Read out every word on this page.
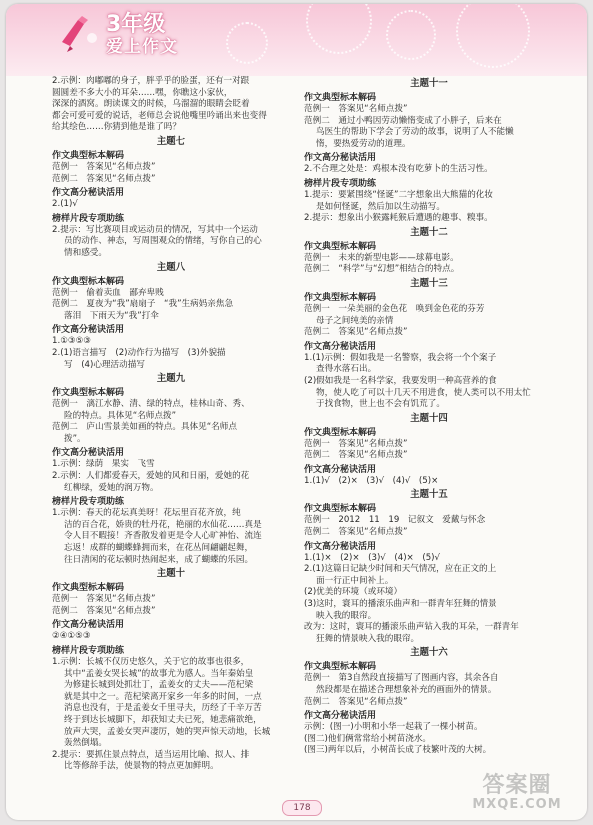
3年级
爱上作文

2.示例：肉嘟嘟的身子，胖乎乎的脸蛋，还有一对跟

圆圆差不多大小的耳朵……嘿，你瞧这小家伙，

深深的酒窝。朗读课文的时候，乌溜溜的眼睛会眨着

都会可爱可爱的说话，老师总会说他嘴里吟诵出来也变得

给其绘色……你猜到他是谁了吗？

主题七

作文典型标本解码

范例一　答案见“名师点拨”

范例二　答案见“名师点拨”

作文高分秘诀活用

2.(1)√

榜样片段专项助练

2.提示：写比赛项目或运动员的情况，写其中一个运动

员的动作、神态，写周围观众的情绪，写你自己的心

情和感受。

主题八

作文典型标本解码

范例一　偷着卖血　鄙弃卑贱

范例二　夏夜为“我”扇扇子　“我”生病妈亲焦急

落泪　下雨天为“我”打伞

作文高分秘诀活用

1.①③⑤③

2.(1)语言描写　(2)动作行为描写　(3)外貌描

写　(4)心理活动描写

主题九

作文典型标本解码

范例一　漓江水静、清、绿的特点，桂林山奇、秀、

险的特点。具体见“名师点拨”

范例二　庐山雪景美如画的特点。具体见“名师点

拨”。

作文高分秘诀活用

1.示例：绿荫　果实　飞雪

2.示例：人们都爱春天，爱她的风和日丽，爱她的花

红柳绿，爱她的润万物。

榜样片段专项助练

1.示例：春天的花坛真美呀！花坛里百花齐放，纯

洁的百合花，娇贵的牡丹花，艳丽的水仙花……真是

令人目不暇接！齐香散发着更是令人心旷神怡、流连

忘返！成群的蝴蝶蜂拥而来，在花丛间翩翩起舞，

往日清闲的花坛顿时热闹起来，成了蝴蝶的乐园。

主题十

作文典型标本解码

范例一　答案见“名师点拨”

范例二　答案见“名师点拨”

作文高分秘诀活用

②④①⑤③

榜样片段专项助练

1.示例：长城不仅历史悠久，关于它的故事也很多，

其中“孟姜女哭长城”的故事尤为感人。当年秦始皇

为修建长城到处抓壮丁，孟姜女的丈夫——范杞梁

就是其中之一。范杞梁离开家乡一年多的时间，一点

消息也没有，于是孟姜女千里寻夫，历经了千辛万苦

终于到达长城脚下，却获知丈夫已死，她悲痛欲绝，

放声大哭，孟姜女哭声凄厉，她的哭声惊天动地，长城

轰然倒塌。

2.提示：要抓住景点特点，适当运用比喻、拟人、排

比等修辞手法，使景物的特点更加鲜明。

主题十一

作文典型标本解码

范例一　答案见“名师点拨”

范例二　通过小鸭因劳动懒惰变成了小胖子，后来在

鸟医生的帮助下学会了劳动的故事，说明了人不能懒

惰，要热爱劳动的道理。

作文高分秘诀活用

2.不合理之处是：鸡根本没有吃萝卜的生活习性。

榜样片段专项助练

1.提示：要紧围绕“怪诞”二字想象出大熊猫的化妆

是如何怪诞，然后加以生动描写。

2.提示：想象出小猴露耗猴后遭遇的趣事、糗事。

主题十二

作文典型标本解码

范例一　未来的新型电影——球幕电影。

范例二　“科学”与“幻想”相结合的特点。

主题十三

作文典型标本解码

范例一　一朵美丽的金色花　唤到金色花的芬芳

母子之间纯美的亲情

范例二　答案见“名师点拨”

作文高分秘诀活用

1.(1)示例：假如我是一名警察，我会将一个个案子

查得水落石出。

(2)假如我是一名科学家，我要发明一种高营养的食

物，使人吃了可以十几天不用进食，使人类可以不用太忙

于找食物，世上也不会有饥荒了。

主题十四

作文典型标本解码

范例一　答案见“名师点拨”

范例二　答案见“名师点拨”

作文高分秘诀活用

1.(1)√　(2)×　(3)√　(4)√　(5)×

主题十五

作文典型标本解码

范例一　2012　11　19　记叙文　爱戴与怀念

范例二　答案见“名师点拨”

作文高分秘诀活用

1.(1)×　(2)×　(3)√　(4)×　(5)√

2.(1)这篇日记缺少时间和天气情况，应在正文的上

面一行正中间补上。

(2)优美的环境（或环境）

(3)这时，寰耳的播滚乐曲声和一群青年狂舞的情景

映入我的眼帘。

改为：这时，寰耳的播滚乐曲声钻入我的耳朵，一群青年

狂舞的情景映入我的眼帘。

主题十六

作文典型标本解码

范例一　第3自然段直接描写了图画内容，其余各自

然段都是在描述合理想象补充的画面外的情景。

范例二　答案见“名师点拨”

作文高分秘诀活用

示例：(图一)小明和小华一起栽了一棵小树苗。

(图二)他们俩常常给小树苗浇水。

(图三)两年以后，小树苗长成了枝繁叶茂的大树。

178
答案圈
MXQE.COM
